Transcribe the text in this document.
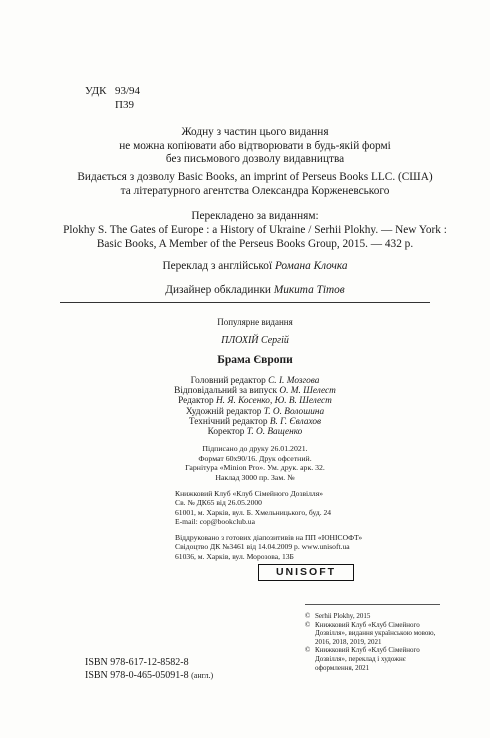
УДК 93/94
П39
Жодну з частин цього видання
не можна копіювати або відтворювати в будь-якій формі
без письмового дозволу видавництва
Видається з дозволу Basic Books, an imprint of Perseus Books LLC. (США)
та літературного агентства Олександра Корженевського
Перекладено за виданням:
Plokhy S. The Gates of Europe : a History of Ukraine / Serhii Plokhy. — New York :
Basic Books, A Member of the Perseus Books Group, 2015. — 432 p.
Переклад з англійської Романа Клочка
Дизайнер обкладинки Микита Тітов
Популярне видання
ПЛОХІЙ Сергій
Брама Європи
Головний редактор С. І. Мозгова
Відповідальний за випуск О. М. Шелест
Редактор Н. Я. Косенко, Ю. В. Шелест
Художній редактор Т. О. Волошина
Технічний редактор В. Г. Євлахов
Коректор Т. О. Ващенко
Підписано до друку 26.01.2021.
Формат 60х90/16. Друк офсетний.
Гарнітура «Minion Pro». Ум. друк. арк. 32.
Наклад 3000 пр. Зам. №
Книжковий Клуб «Клуб Сімейного Дозвілля»
Св. № ДК65 від 26.05.2000
61001, м. Харків, вул. Б. Хмельницького, буд. 24
E-mail: cop@bookclub.ua
Віддруковано з готових діапозитивів на ПП «ЮНІСОФТ»
Свідоцтво ДК №3461 від 14.04.2009 р. www.unisoft.ua
61036, м. Харків, вул. Морозова, 13Б
UNISOFT
© Serhii Plokhy, 2015
© Книжковий Клуб «Клуб Сімейного Дозвілля», видання українською мовою, 2016, 2018, 2019, 2021
© Книжковий Клуб «Клуб Сімейного Дозвілля», переклад і художнє оформлення, 2021
ISBN 978-617-12-8582-8
ISBN 978-0-465-05091-8 (англ.)
